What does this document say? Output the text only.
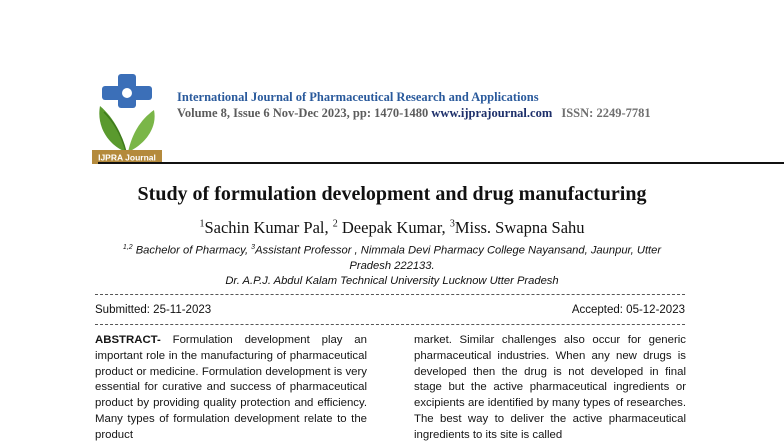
IJPRA Journal
International Journal of Pharmaceutical Research and Applications
Volume 8, Issue 6 Nov-Dec 2023, pp: 1470-1480 www.ijprajournal.com ISSN: 2249-7781
Study of formulation development and drug manufacturing
$^1$Sachin Kumar Pal, $^2$ Deepak Kumar, $^3$Miss. Swapna Sahu
$^{1,2}$ Bachelor of Pharmacy, $^3$Assistant Professor , Nimmala Devi Pharmacy College Nayansand, Jaunpur, Utter Pradesh 222133.
Dr. A.P.J. Abdul Kalam Technical University Lucknow Utter Pradesh
Submitted: 25-11-2023	Accepted: 05-12-2023
ABSTRACT- Formulation development play an important role in the manufacturing of pharmaceutical product or medicine. Formulation development is very essential for curative and success of pharmaceutical product by providing quality protection and efficiency. Many types of formulation development relate to the product
market. Similar challenges also occur for generic pharmaceutical industries. When any new drugs is developed then the drug is not developed in final stage but the active pharmaceutical ingredients or excipients are identified by many types of researches. The best way to deliver the active pharmaceutical ingredients to its site is called
